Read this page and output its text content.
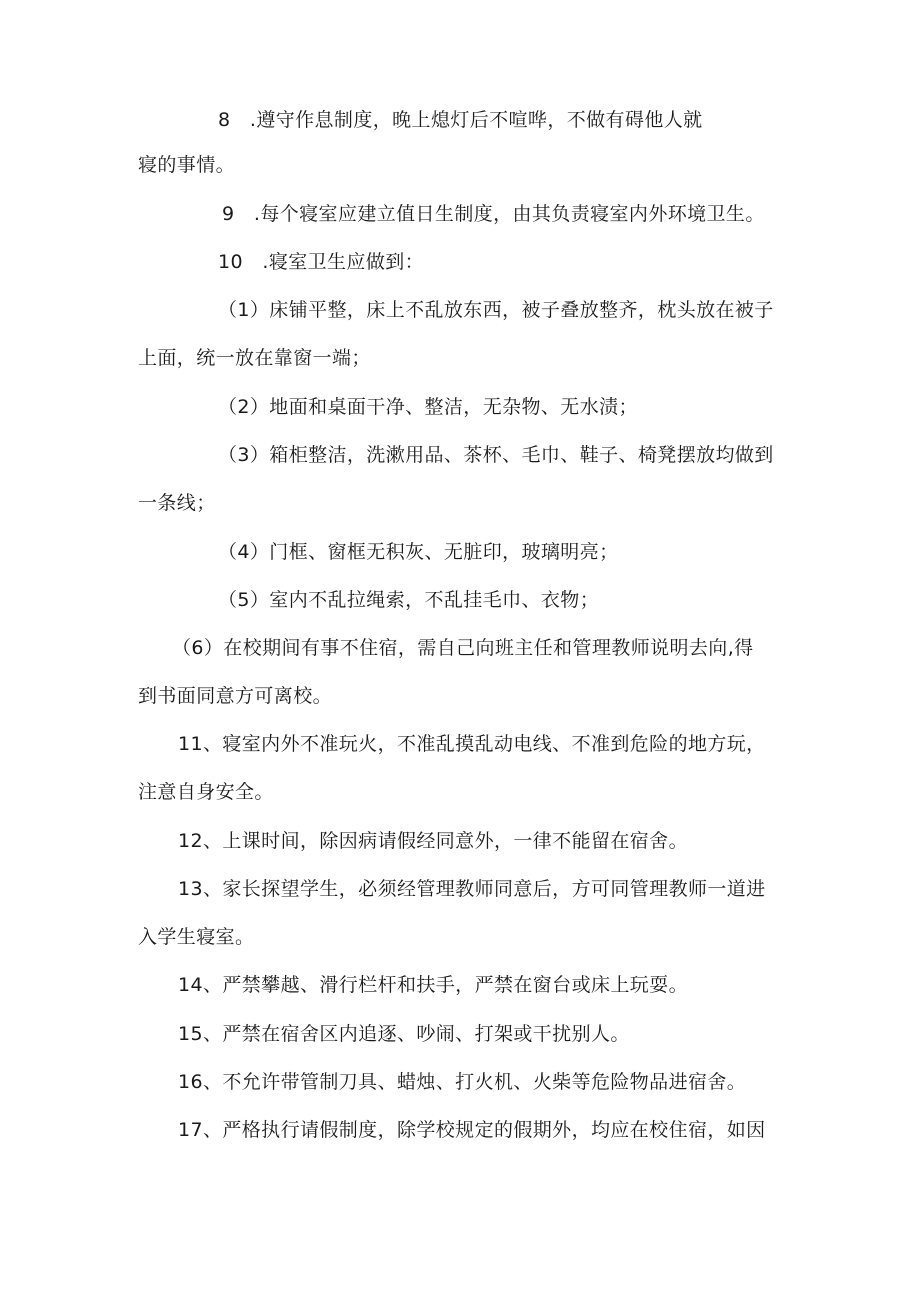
8　.遵守作息制度，晚上熄灯后不喧哗，不做有碍他人就

寝的事情。

9　.每个寝室应建立值日生制度，由其负责寝室内外环境卫生。

10　.寝室卫生应做到：

（1）床铺平整，床上不乱放东西，被子叠放整齐，枕头放在被子

上面，统一放在靠窗一端；

（2）地面和桌面干净、整洁，无杂物、无水渍；

（3）箱柜整洁，洗漱用品、茶杯、毛巾、鞋子、椅凳摆放均做到

一条线；

（4）门框、窗框无积灰、无脏印，玻璃明亮；

（5）室内不乱拉绳索，不乱挂毛巾、衣物；

（6）在校期间有事不住宿，需自己向班主任和管理教师说明去向,得

到书面同意方可离校。

11、寝室内外不准玩火，不准乱摸乱动电线、不准到危险的地方玩，

注意自身安全。

12、上课时间，除因病请假经同意外，一律不能留在宿舍。

13、家长探望学生，必须经管理教师同意后，方可同管理教师一道进

入学生寝室。

14、严禁攀越、滑行栏杆和扶手，严禁在窗台或床上玩耍。

15、严禁在宿舍区内追逐、吵闹、打架或干扰别人。

16、不允许带管制刀具、蜡烛、打火机、火柴等危险物品进宿舍。

17、严格执行请假制度，除学校规定的假期外，均应在校住宿，如因
